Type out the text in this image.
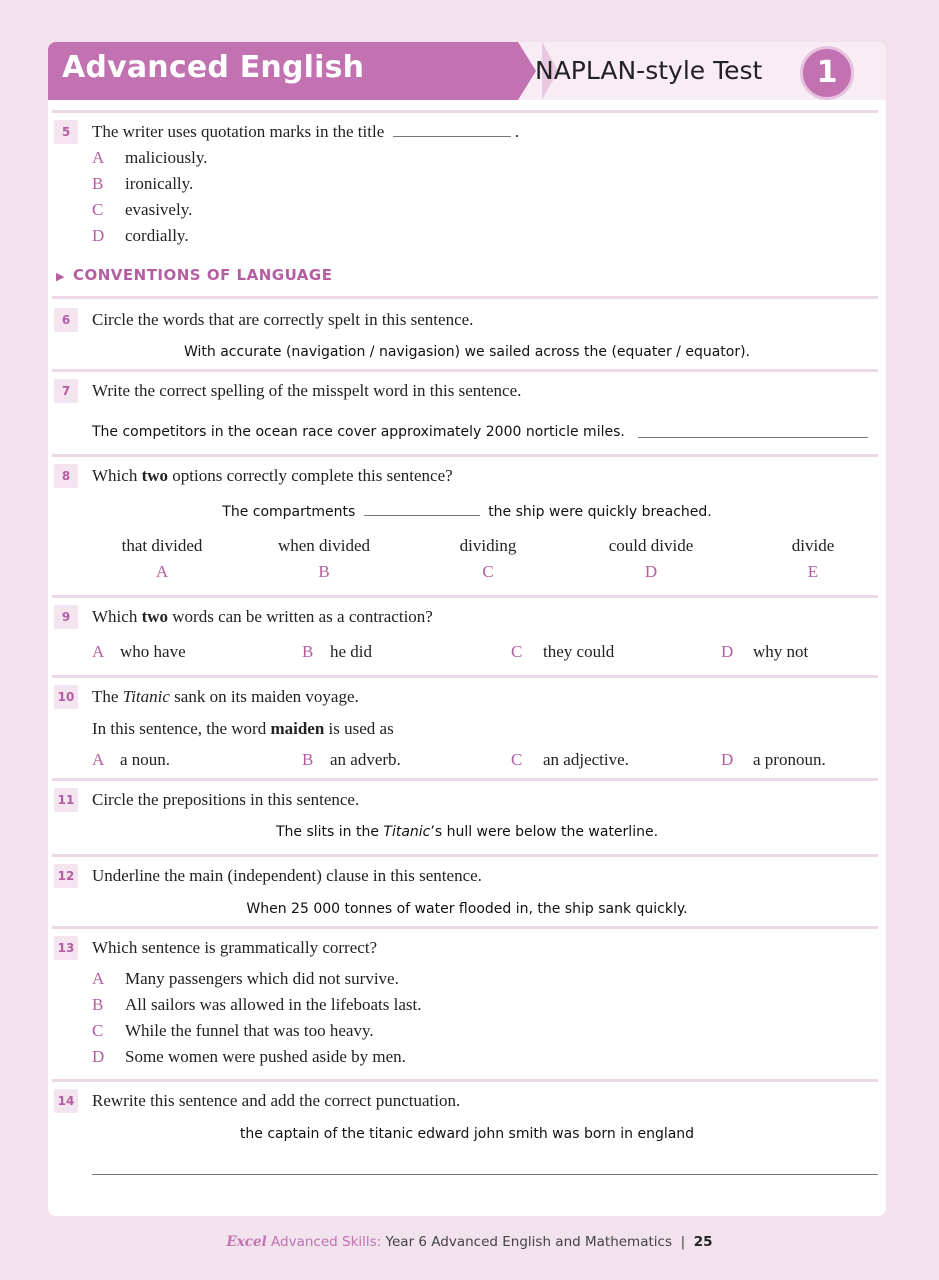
Advanced English	NAPLAN-style Test	1
5	The writer uses quotation marks in the title	.
A maliciously.
B ironically.
C evasively.
D cordially.
▶ CONVENTIONS OF LANGUAGE
6	Circle the words that are correctly spelt in this sentence.
With accurate (navigation / navigasion) we sailed across the (equater / equator).
7	Write the correct spelling of the misspelt word in this sentence.
The competitors in the ocean race cover approximately 2000 norticle miles.
8	Which two options correctly complete this sentence?
The compartments	the ship were quickly breached.
that divided
A
when divided
B
dividing
C
could divide
D
divide
E
9	Which two words can be written as a contraction?
A who have	B he did	C they could	D why not
10 The Titanic sank on its maiden voyage.
In this sentence, the word maiden is used as
A a noun.	B an adverb.	C an adjective.	D a pronoun.
11 Circle the prepositions in this sentence.
The slits in the Titanic’s hull were below the waterline.
12 Underline the main (independent) clause in this sentence.
When 25 000 tonnes of water flooded in, the ship sank quickly.
13 Which sentence is grammatically correct?
A Many passengers which did not survive.
B All sailors was allowed in the lifeboats last.
C While the funnel that was too heavy.
D Some women were pushed aside by men.
14 Rewrite this sentence and add the correct punctuation.
the captain of the titanic edward john smith was born in england
Excel Advanced Skills: Year 6 Advanced English and Mathematics | 25
